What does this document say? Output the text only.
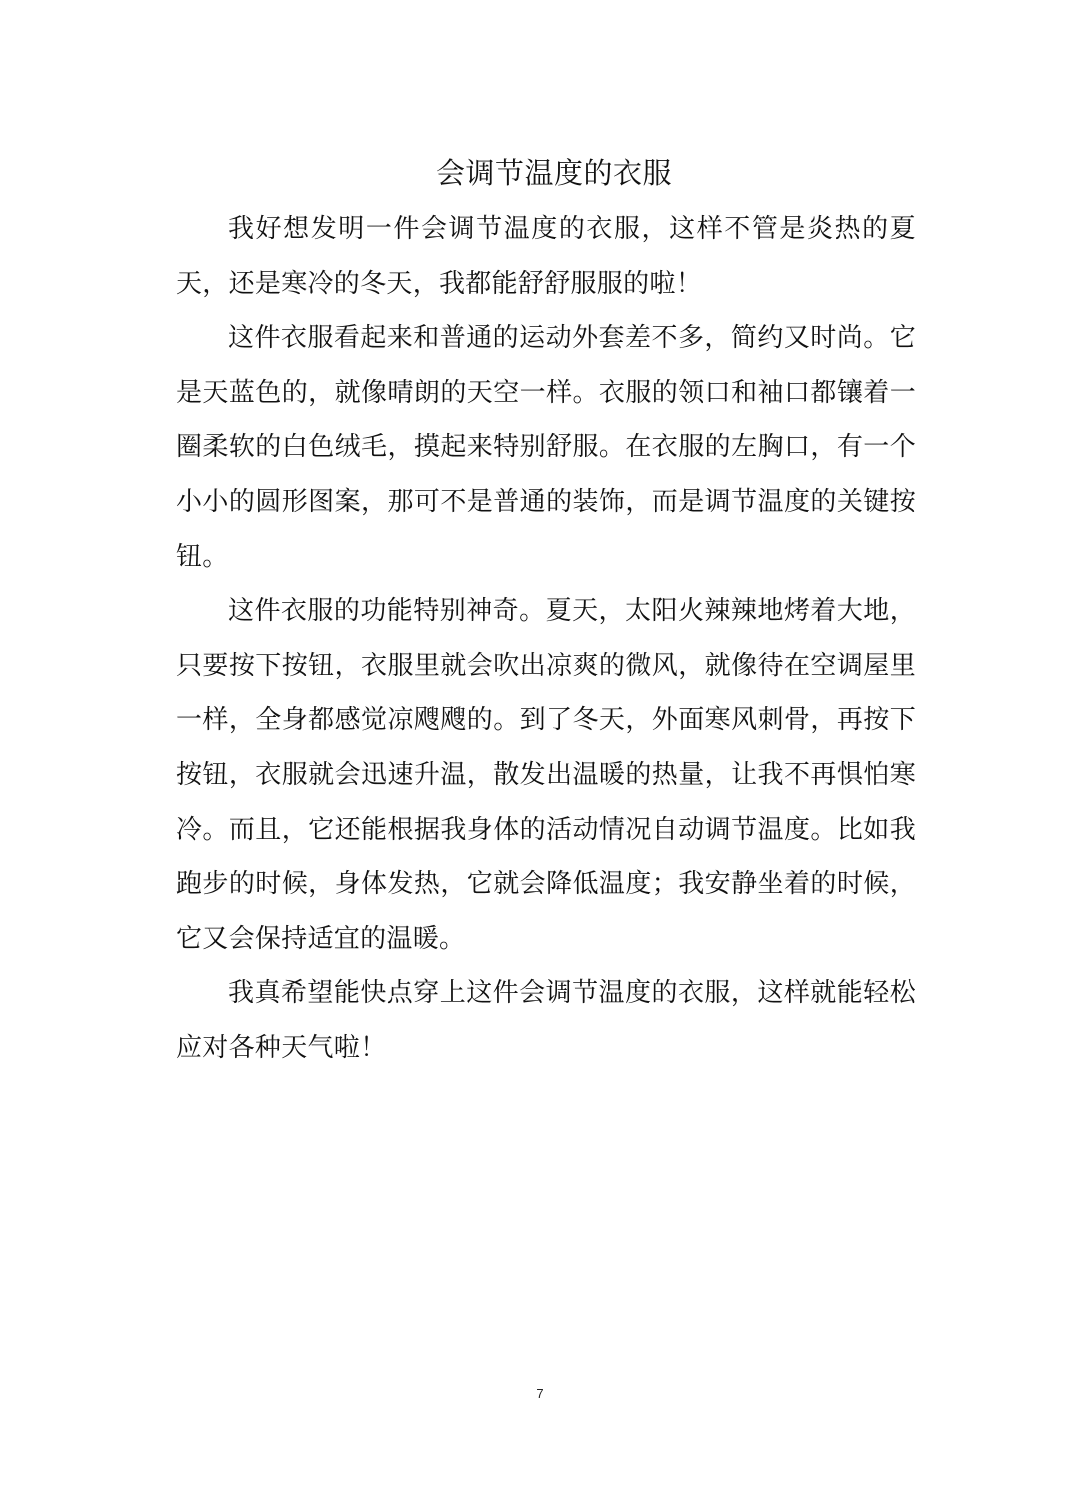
会调节温度的衣服

我好想发明一件会调节温度的衣服，这样不管是炎热的夏天，还是寒冷的冬天，我都能舒舒服服的啦！

这件衣服看起来和普通的运动外套差不多，简约又时尚。它是天蓝色的，就像晴朗的天空一样。衣服的领口和袖口都镶着一圈柔软的白色绒毛，摸起来特别舒服。在衣服的左胸口，有一个小小的圆形图案，那可不是普通的装饰，而是调节温度的关键按钮。

这件衣服的功能特别神奇。夏天，太阳火辣辣地烤着大地，只要按下按钮，衣服里就会吹出凉爽的微风，就像待在空调屋里一样，全身都感觉凉飕飕的。到了冬天，外面寒风刺骨，再按下按钮，衣服就会迅速升温，散发出温暖的热量，让我不再惧怕寒冷。而且，它还能根据我身体的活动情况自动调节温度。比如我跑步的时候，身体发热，它就会降低温度；我安静坐着的时候，它又会保持适宜的温暖。

我真希望能快点穿上这件会调节温度的衣服，这样就能轻松应对各种天气啦！

7
